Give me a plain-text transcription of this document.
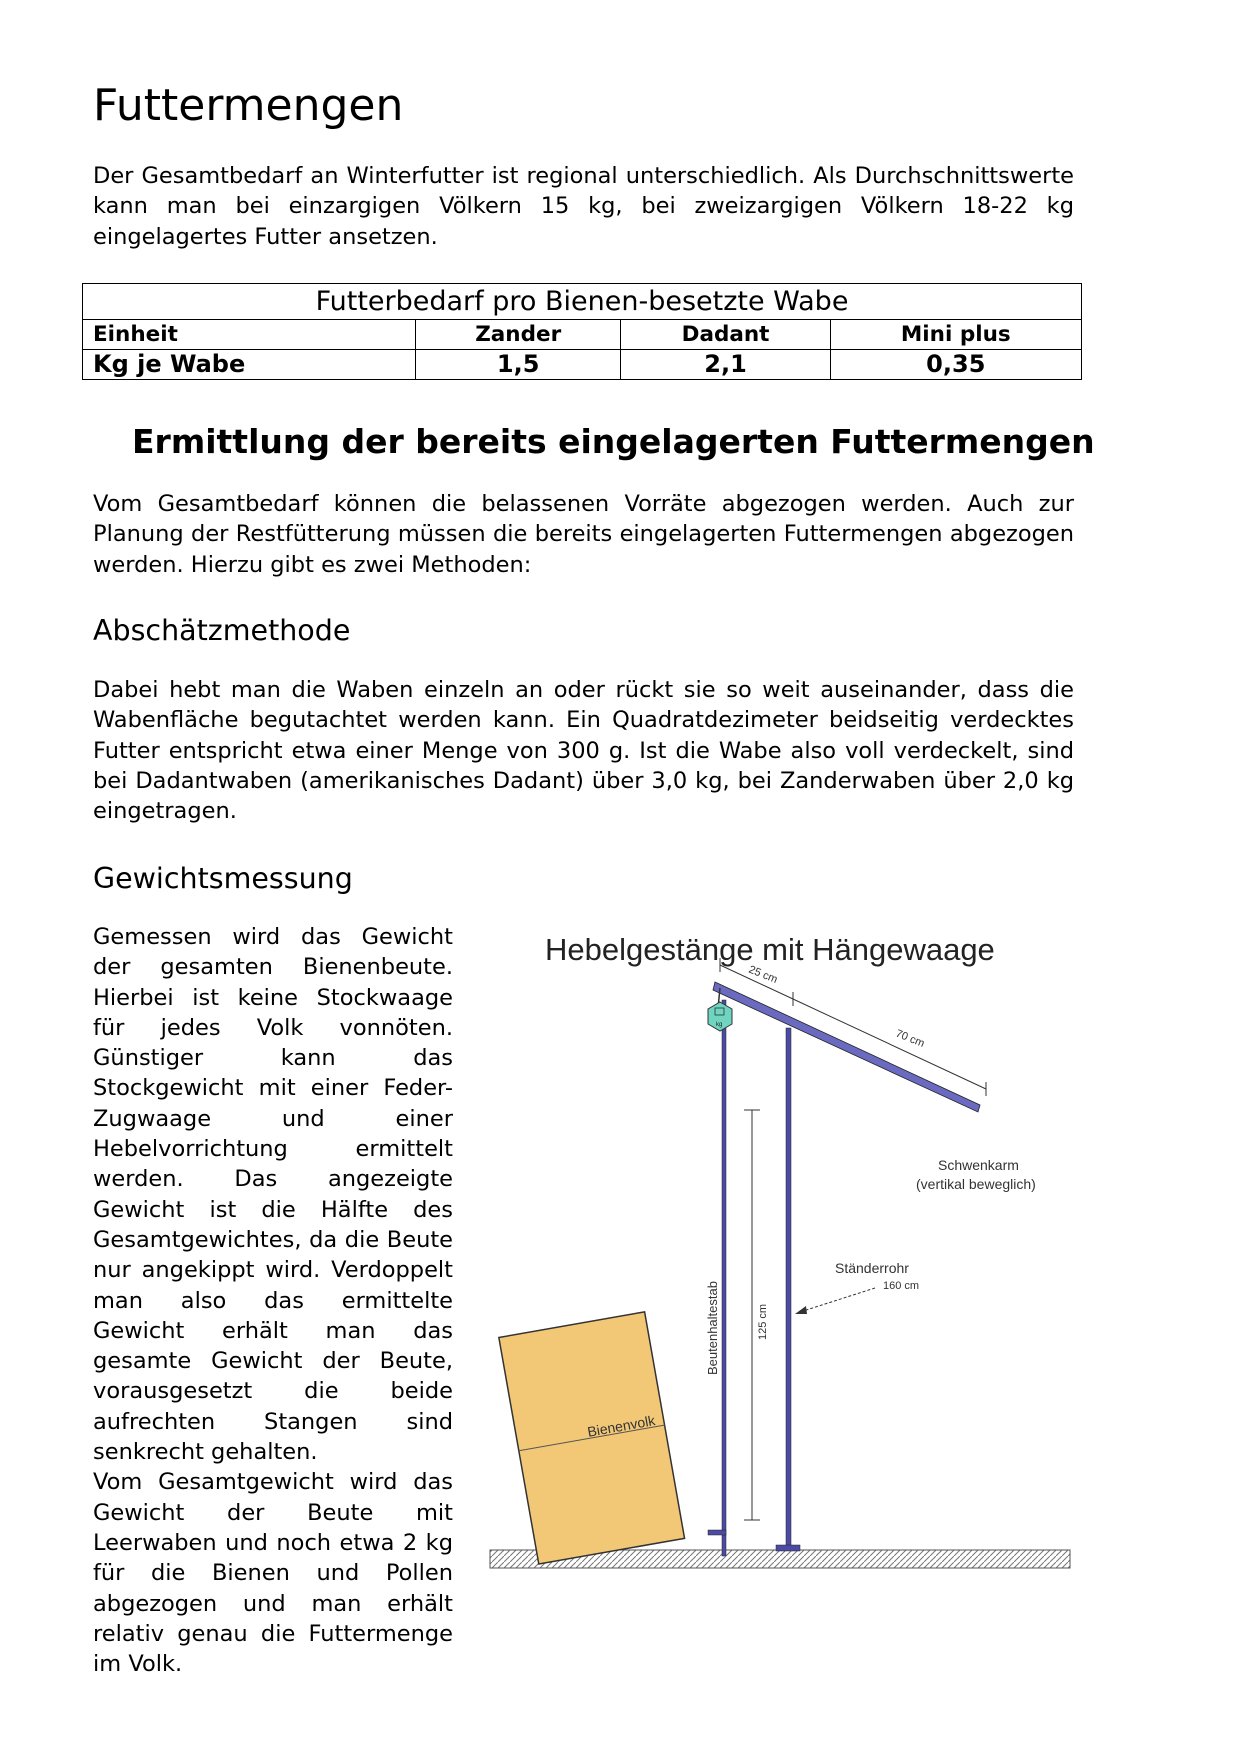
Futtermengen

Der Gesamtbedarf an Winterfutter ist regional unterschiedlich. Als Durchschnittswerte kann man bei einzargigen Völkern 15 kg, bei zweizargigen Völkern 18-22 kg eingelagertes Futter ansetzen.

Futterbedarf pro Bienen-besetzte Wabe			
Einheit	Zander	Dadant	Mini plus
Kg je Wabe	1,5	2,1	0,35
Ermittlung der bereits eingelagerten Futtermengen

Vom Gesamtbedarf können die belassenen Vorräte abgezogen werden. Auch zur Planung der Restfütterung müssen die bereits eingelagerten Futtermengen abgezogen werden. Hierzu gibt es zwei Methoden:

Abschätzmethode

Dabei hebt man die Waben einzeln an oder rückt sie so weit auseinander, dass die Wabenfläche begutachtet werden kann. Ein Quadratdezimeter beidseitig verdecktes Futter entspricht etwa einer Menge von 300 g. Ist die Wabe also voll verdeckelt, sind bei Dadantwaben (amerikanisches Dadant) über 3,0 kg, bei Zanderwaben über 2,0 kg eingetragen.

Gewichtsmessung

Gemessen wird das Gewicht der gesamten Bienenbeute. Hierbei ist keine Stockwaage für jedes Volk vonnöten. Günstiger kann das Stockgewicht mit einer Feder-Zugwaage und einer Hebelvorrichtung ermittelt werden. Das angezeigte Gewicht ist die Hälfte des Gesamtgewichtes, da die Beute nur angekippt wird. Verdoppelt man also das ermittelte Gewicht erhält man das gesamte Gewicht der Beute, vorausgesetzt die beide aufrechten Stangen sind senkrecht gehalten.
Vom Gesamtgewicht wird das Gewicht der Beute mit Leerwaben und noch etwa 2 kg für die Bienen und Pollen abgezogen und man erhält relativ genau die Futtermenge im Volk.

Hebelgestänge mit Hängewaage
Bienenvolk
Beutenhaltestab	125 cm
kg
25 cm
70 cm
Schwenkarm
(vertikal beweglich)
Ständerrohr
160 cm
